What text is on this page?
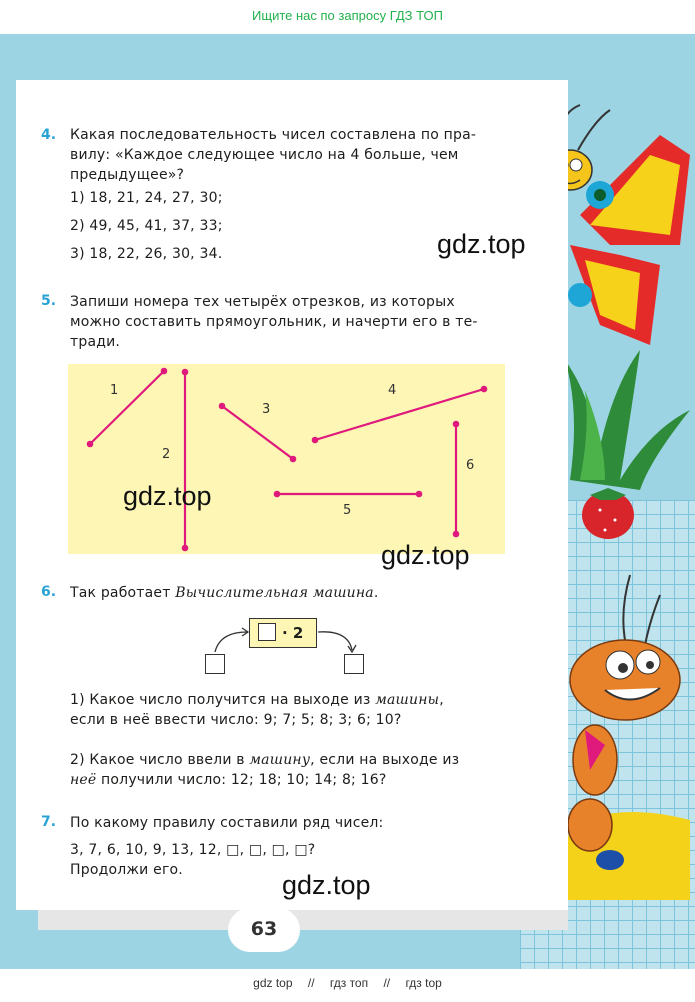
Ищите нас по запросу ГДЗ ТОП
4. Какая последовательность чисел составлена по пра-
вилу: «Каждое следующее число на 4 больше, чем
предыдущее»?
1) 18, 21, 24, 27, 30;
2) 49, 45, 41, 37, 33;
3) 18, 22, 26, 30, 34.	gdz.top
5. Запиши номера тех четырёх отрезков, из которых
можно составить прямоугольник, и начерти его в те-
тради.
1
2
3
4
5
6
gdz.top
gdz.top
6. Так работает Вычислительная машина.
· 2
1) Какое число получится на выходе из машины,
если в неё ввести число: 9; 7; 5; 8; 3; 6; 10?
2) Какое число ввели в машину, если на выходе из
неё получили число: 12; 18; 10; 14; 8; 16?
7. По какому правилу составили ряд чисел:
3, 7, 6, 10, 9, 13, 12, □, □, □, □?
Продолжи его.	gdz.top
63
gdz top // гдз топ // гдз top
